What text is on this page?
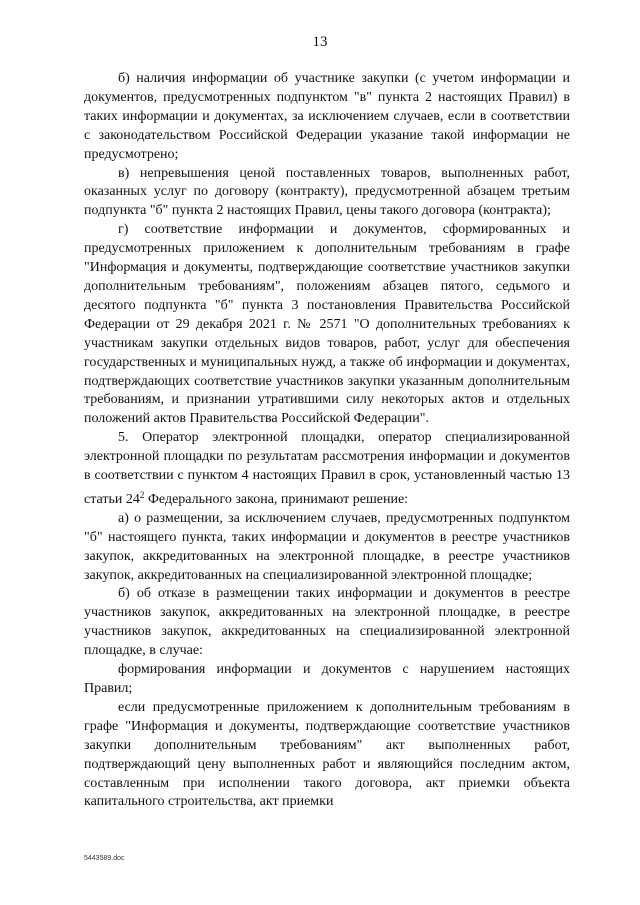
13

б) наличия информации об участнике закупки (с учетом информации и документов, предусмотренных подпунктом "в" пункта 2 настоящих Правил) в таких информации и документах, за исключением случаев, если в соответствии с законодательством Российской Федерации указание такой информации не предусмотрено;

в) непревышения ценой поставленных товаров, выполненных работ, оказанных услуг по договору (контракту), предусмотренной абзацем третьим подпункта "б" пункта 2 настоящих Правил, цены такого договора (контракта);

г) соответствие информации и документов, сформированных и предусмотренных приложением к дополнительным требованиям в графе "Информация и документы, подтверждающие соответствие участников закупки дополнительным требованиям", положениям абзацев пятого, седьмого и десятого подпункта "б" пункта 3 постановления Правительства Российской Федерации от 29 декабря 2021 г. № 2571 "О дополнительных требованиях к участникам закупки отдельных видов товаров, работ, услуг для обеспечения государственных и муниципальных нужд, а также об информации и документах, подтверждающих соответствие участников закупки указанным дополнительным требованиям, и признании утратившими силу некоторых актов и отдельных положений актов Правительства Российской Федерации".

5. Оператор электронной площадки, оператор специализированной электронной площадки по результатам рассмотрения информации и документов в соответствии с пунктом 4 настоящих Правил в срок, установленный частью 13 статьи $24^2$ Федерального закона, принимают решение:

а) о размещении, за исключением случаев, предусмотренных подпунктом "б" настоящего пункта, таких информации и документов в реестре участников закупок, аккредитованных на электронной площадке, в реестре участников закупок, аккредитованных на специализированной электронной площадке;

б) об отказе в размещении таких информации и документов в реестре участников закупок, аккредитованных на электронной площадке, в реестре участников закупок, аккредитованных на специализированной электронной площадке, в случае:

формирования информации и документов с нарушением настоящих Правил;

если предусмотренные приложением к дополнительным требованиям в графе "Информация и документы, подтверждающие соответствие участников закупки дополнительным требованиям" акт выполненных работ, подтверждающий цену выполненных работ и являющийся последним актом, составленным при исполнении такого договора, акт приемки объекта капитального строительства, акт приемки

5443589.doc
